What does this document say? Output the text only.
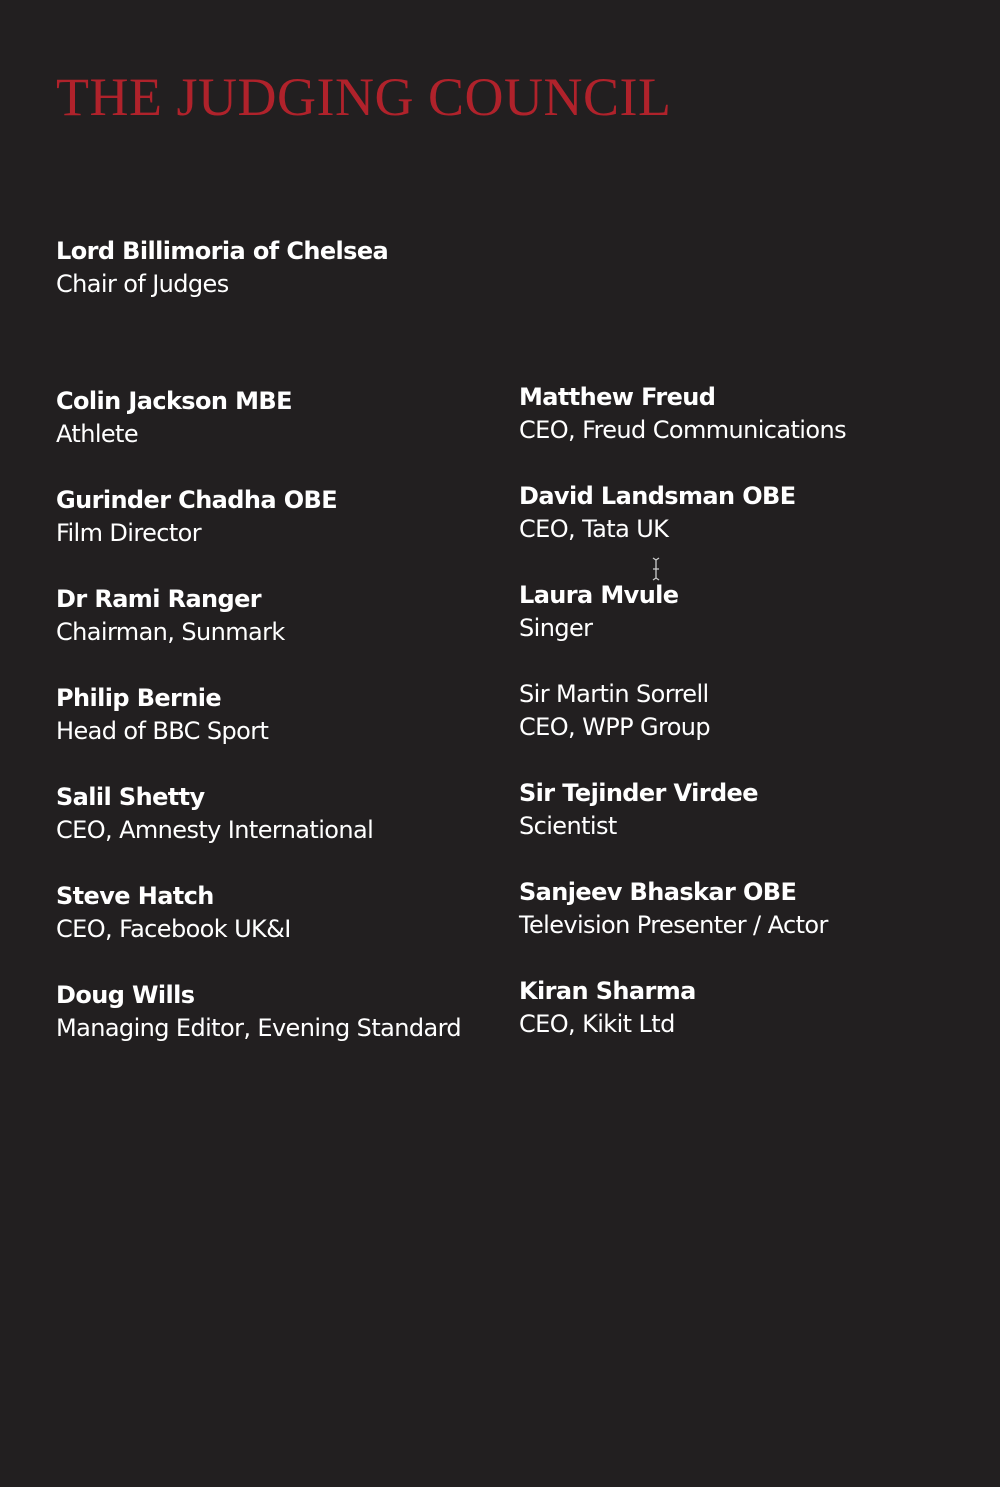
THE JUDGING COUNCIL
Lord Billimoria of Chelsea
Chair of Judges
Colin Jackson MBE
Athlete
Gurinder Chadha OBE
Film Director
Dr Rami Ranger
Chairman, Sunmark
Philip Bernie
Head of BBC Sport
Salil Shetty
CEO, Amnesty International
Steve Hatch
CEO, Facebook UK&I
Doug Wills
Managing Editor, Evening Standard
Matthew Freud
CEO, Freud Communications
David Landsman OBE
CEO, Tata UK
Laura Mvule
Singer
Sir Martin Sorrell
CEO, WPP Group
Sir Tejinder Virdee
Scientist
Sanjeev Bhaskar OBE
Television Presenter / Actor
Kiran Sharma
CEO, Kikit Ltd
